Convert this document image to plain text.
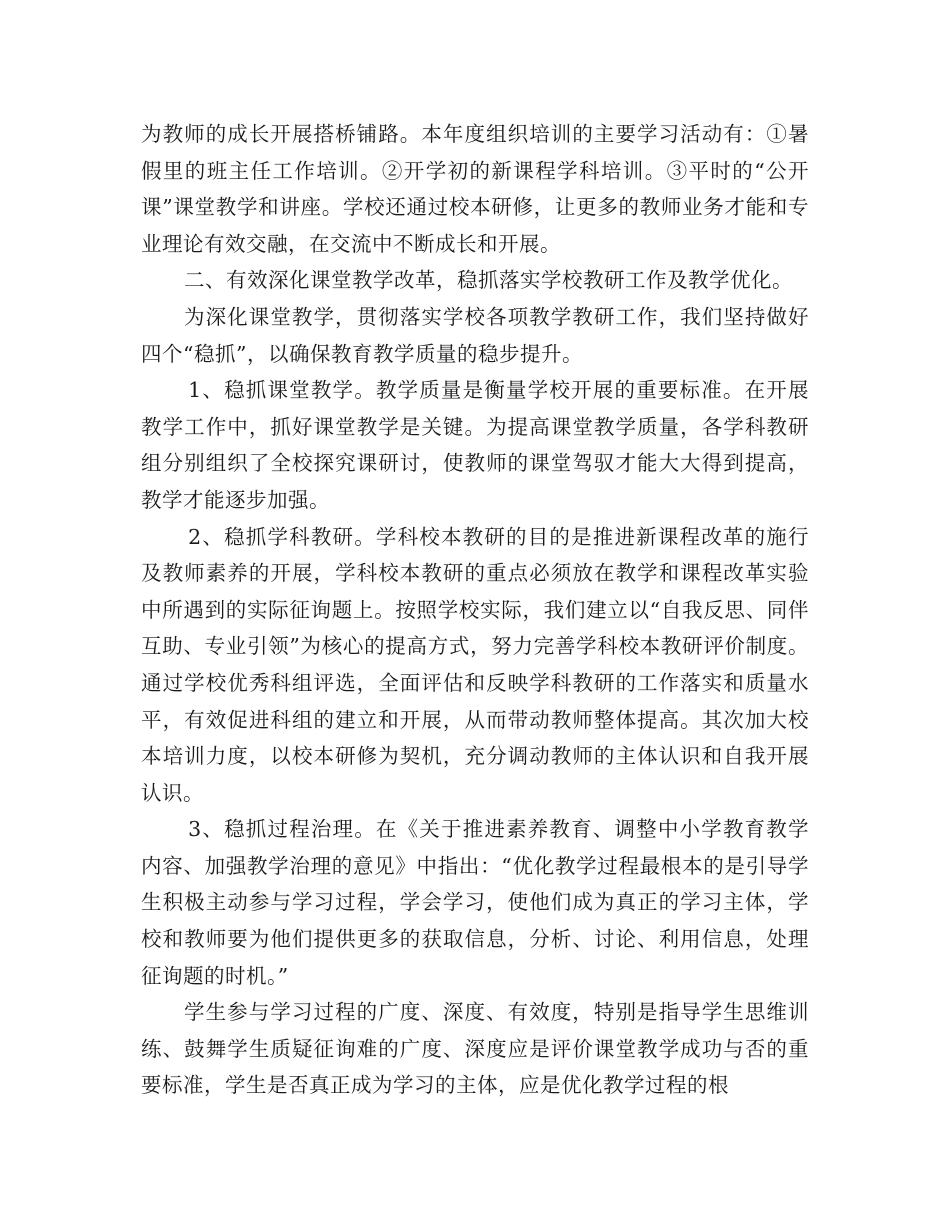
为教师的成长开展搭桥铺路。本年度组织培训的主要学习活动有：①暑假里的班主任工作培训。②开学初的新课程学科培训。③平时的“公开课”课堂教学和讲座。学校还通过校本研修，让更多的教师业务才能和专业理论有效交融，在交流中不断成长和开展。

二、有效深化课堂教学改革，稳抓落实学校教研工作及教学优化。

为深化课堂教学，贯彻落实学校各项教学教研工作，我们坚持做好四个“稳抓”，以确保教育教学质量的稳步提升。

1、稳抓课堂教学。教学质量是衡量学校开展的重要标准。在开展教学工作中，抓好课堂教学是关键。为提高课堂教学质量，各学科教研组分别组织了全校探究课研讨，使教师的课堂驾驭才能大大得到提高，教学才能逐步加强。

2、稳抓学科教研。学科校本教研的目的是推进新课程改革的施行及教师素养的开展，学科校本教研的重点必须放在教学和课程改革实验中所遇到的实际征询题上。按照学校实际，我们建立以“自我反思、同伴互助、专业引领”为核心的提高方式，努力完善学科校本教研评价制度。通过学校优秀科组评选，全面评估和反映学科教研的工作落实和质量水平，有效促进科组的建立和开展，从而带动教师整体提高。其次加大校本培训力度，以校本研修为契机，充分调动教师的主体认识和自我开展认识。

3、稳抓过程治理。在《关于推进素养教育、调整中小学教育教学内容、加强教学治理的意见》中指出：“优化教学过程最根本的是引导学生积极主动参与学习过程，学会学习，使他们成为真正的学习主体，学校和教师要为他们提供更多的获取信息，分析、讨论、利用信息，处理征询题的时机。”

学生参与学习过程的广度、深度、有效度，特别是指导学生思维训练、鼓舞学生质疑征询难的广度、深度应是评价课堂教学成功与否的重要标准，学生是否真正成为学习的主体，应是优化教学过程的根
